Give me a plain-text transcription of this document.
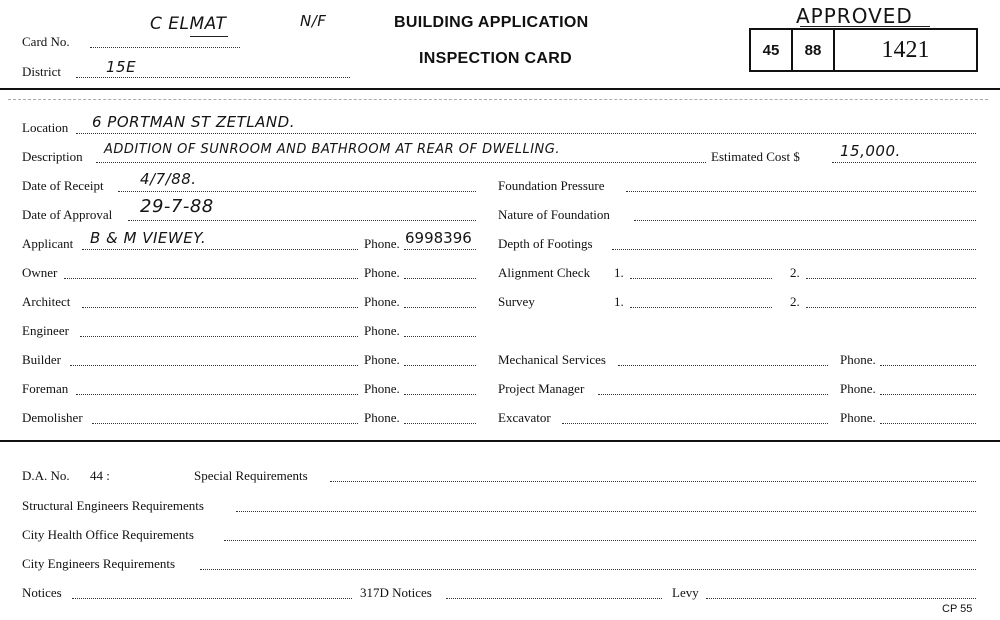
Card No.
C ELMAT	N/F
District	15E
BUILDING APPLICATION
INSPECTION CARD
APPROVED
45	88	1421
Location 6 PORTMAN ST ZETLAND.
Description ADDITION OF SUNROOM AND BATHROOM AT REAR OF DWELLING.	Estimated Cost $	15,000.
Date of Receipt 4/7/88.	Foundation Pressure
Date of Approval 29-7-88	Nature of Foundation
Applicant B & M VIEWEY.	Phone. 6998396 Depth of Footings
Owner	Phone.	Alignment Check 1.	2.
Architect	Phone.	Survey	1.	2.
Engineer	Phone.
Builder	Phone.	Mechanical Services	Phone.
Foreman	Phone.	Project Manager	Phone.
Demolisher	Phone.	Excavator	Phone.
D.A. No. 44 :	Special Requirements
Structural Engineers Requirements
City Health Office Requirements
City Engineers Requirements
Notices	317D Notices	Levy
CP 55
